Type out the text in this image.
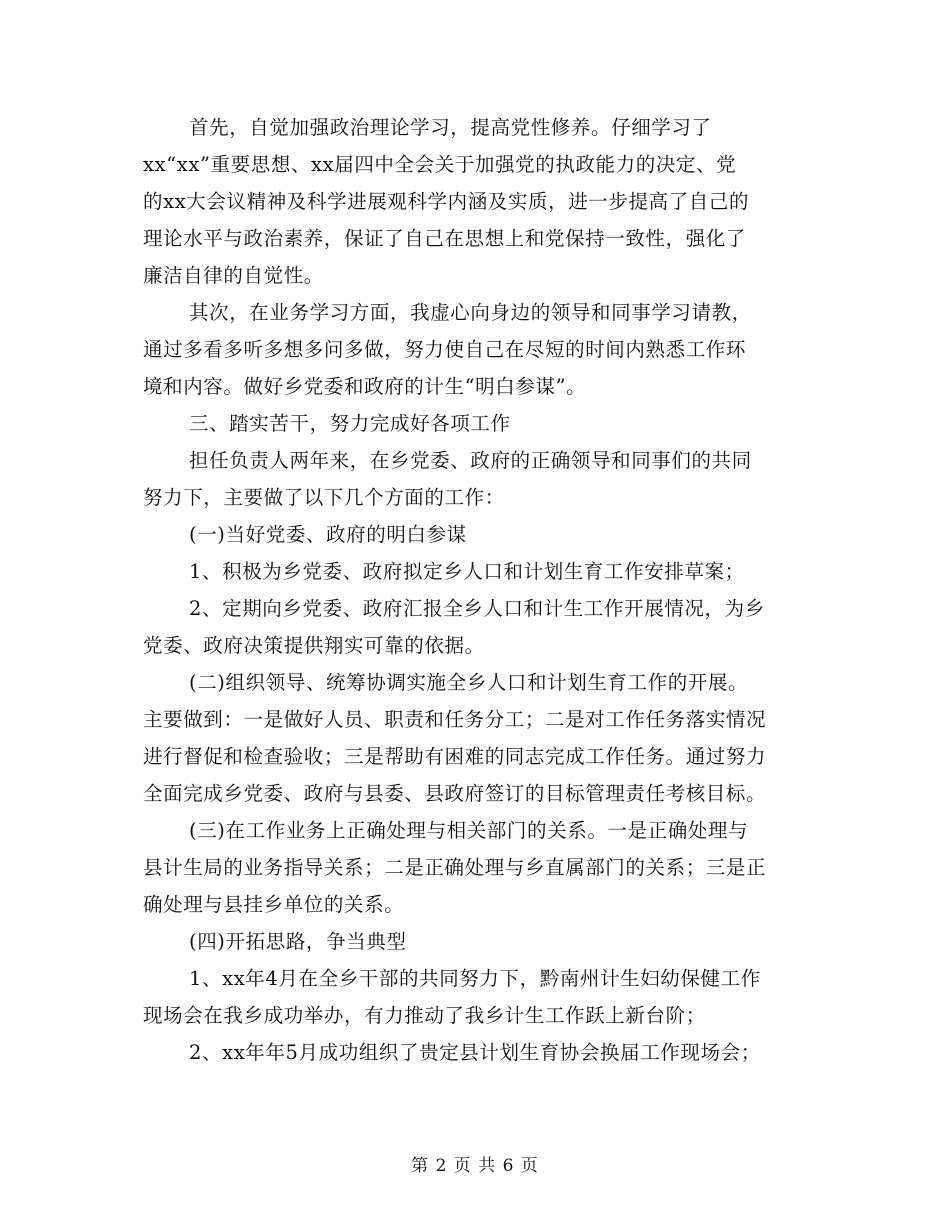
首先，自觉加强政治理论学习，提高党性修养。仔细学习了
xx“xx”重要思想、xx届四中全会关于加强党的执政能力的决定、党
的xx大会议精神及科学进展观科学内涵及实质，进一步提高了自己的
理论水平与政治素养，保证了自己在思想上和党保持一致性，强化了
廉洁自律的自觉性。
其次，在业务学习方面，我虚心向身边的领导和同事学习请教，
通过多看多听多想多问多做，努力使自己在尽短的时间内熟悉工作环
境和内容。做好乡党委和政府的计生“明白参谋”。
三、踏实苦干，努力完成好各项工作
担任负责人两年来，在乡党委、政府的正确领导和同事们的共同
努力下，主要做了以下几个方面的工作：
(一)当好党委、政府的明白参谋
1、积极为乡党委、政府拟定乡人口和计划生育工作安排草案；
2、定期向乡党委、政府汇报全乡人口和计生工作开展情况，为乡
党委、政府决策提供翔实可靠的依据。
(二)组织领导、统筹协调实施全乡人口和计划生育工作的开展。
主要做到：一是做好人员、职责和任务分工；二是对工作任务落实情况
进行督促和检查验收；三是帮助有困难的同志完成工作任务。通过努力
全面完成乡党委、政府与县委、县政府签订的目标管理责任考核目标。
(三)在工作业务上正确处理与相关部门的关系。一是正确处理与
县计生局的业务指导关系；二是正确处理与乡直属部门的关系；三是正
确处理与县挂乡单位的关系。
(四)开拓思路，争当典型
1、xx年4月在全乡干部的共同努力下，黔南州计生妇幼保健工作
现场会在我乡成功举办，有力推动了我乡计生工作跃上新台阶；
2、xx年年5月成功组织了贵定县计划生育协会换届工作现场会；
第 2 页 共 6 页
